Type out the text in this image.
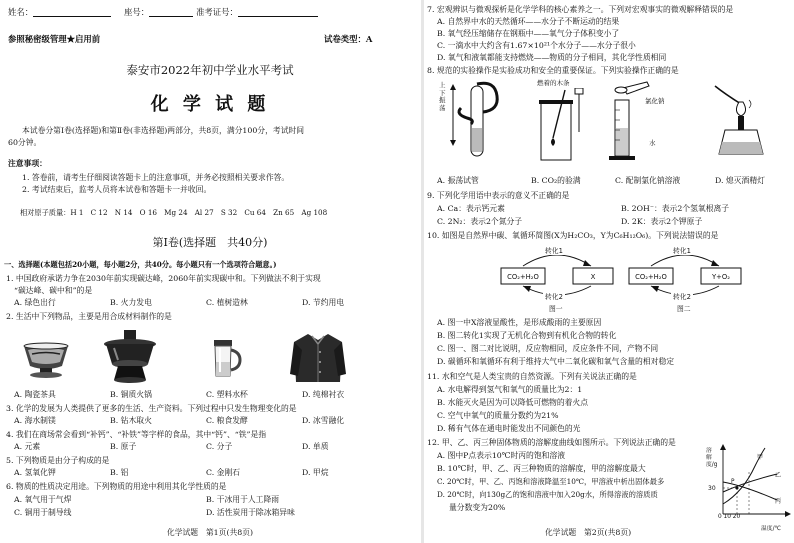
姓名：	座号：	准考证号：
参照秘密级管理★启用前	试卷类型：A
泰安市2022年初中学业水平考试
化 学 试 题
本试卷分第Ⅰ卷(选择题)和第Ⅱ卷(非选择题)两部分，共8页，满分100分，考试时间
60分钟。
注意事项：
1. 答卷前，请考生仔细阅读答题卡上的注意事项，并务必按照相关要求作答。
2. 考试结束后，监考人员将本试卷和答题卡一并收回。
相对原子质量：H 1　C 12　N 14　O 16　Mg 24　Al 27　S 32　Cu 64　Zn 65　Ag 108
第Ⅰ卷(选择题　共40分)
一、选择题(本题包括20小题，每小题2分，共40分。每小题只有一个选项符合题意。)
1. 中国政府承诺力争在2030年前实现碳达峰，2060年前实现碳中和。下列做法不利于实现
“碳达峰、碳中和”的是
A. 绿色出行	B. 火力发电	C. 植树造林	D. 节约用电
2. 生活中下列物品，主要是用合成材料制作的是
A. 陶瓷茶具	B. 铜质火锅	C. 塑料水杯	D. 纯棉衬衣
3. 化学的发展为人类提供了更多的生活、生产资料。下列过程中只发生物理变化的是
A. 海水制镁	B. 钻木取火	C. 粮食发酵	D. 冰雪融化
4. 我们在商场常会看到“补钙”、“补铁”等字样的食品，其中“钙”、“铁”是指
A. 元素	B. 原子	C. 分子	D. 单质
5. 下列物质是由分子构成的是
A. 氢氧化钾	B. 铝	C. 金刚石	D. 甲烷
6. 物质的性质决定用途。下列物质的用途中利用其化学性质的是
A. 氧气用于气焊	B. 干冰用于人工降雨
C. 铜用于制导线	D. 活性炭用于除冰箱异味
化学试题　第1页(共8页)
7. 宏观辨识与微观探析是化学学科的核心素养之一。下列对宏观事实的微观解释错误的是
A. 自然界中水的天然循环——水分子不断运动的结果
B. 氧气经压缩储存在钢瓶中——氧气分子体积变小了
C. 一滴水中大约含有1.67×10²¹个水分子——水分子很小
D. 氧气和液氧都能支持燃烧——物质的分子相同，其化学性质相同
8. 规范的实验操作是实验成功和安全的重要保证。下列实验操作正确的是
上下振荡
燃着的木条
氯化钠
水
A. 振荡试管	B. CO₂的验满	C. 配制氯化钠溶液	D. 熄灭酒精灯
9. 下列化学用语中表示的意义不正确的是
A. Ca：表示钙元素	B. 2OH⁻：表示2个氢氧根离子
C. 2N₂：表示2个氮分子	D. 2K：表示2个钾原子
10. 如图是自然界中碳、氧循环简图(X为H₂CO₃，Y为C₆H₁₂O₆)。下列说法错误的是
转化1
转化2
CO₂+H₂O	X
图一
转化1
转化2
CO₂+H₂O	Y+O₂
图二
A. 图一中X溶液显酸性，是形成酸雨的主要原因
B. 图二转化1实现了无机化合物到有机化合物的转化
C. 图一、图二对比说明，反应物相同，反应条件不同，产物不同
D. 碳循环和氧循环有利于维持大气中二氧化碳和氧气含量的相对稳定
11. 水和空气是人类宝贵的自然资源。下列有关说法正确的是
A. 水电解得到氢气和氧气的质量比为2：1
B. 水能灭火是因为可以降低可燃物的着火点
C. 空气中氧气的质量分数约为21%
D. 稀有气体在通电时能发出不同颜色的光
12. 甲、乙、丙三种固体物质的溶解度曲线如图所示。下列说法正确的是
A. 图中P点表示10℃时丙的饱和溶液
B. 10℃时，甲、乙、丙三种物质的溶解度，甲的溶解度最大
C. 20℃时，甲、乙、丙饱和溶液降温至10℃，甲溶液中析出固体最多
D. 20℃时，向130g乙的饱和溶液中加入20g水，所得溶液的溶质质
量分数变为20%
溶解度/g
30
0 10 20
温度/℃
甲
乙
丙
P
化学试题　第2页(共8页)
